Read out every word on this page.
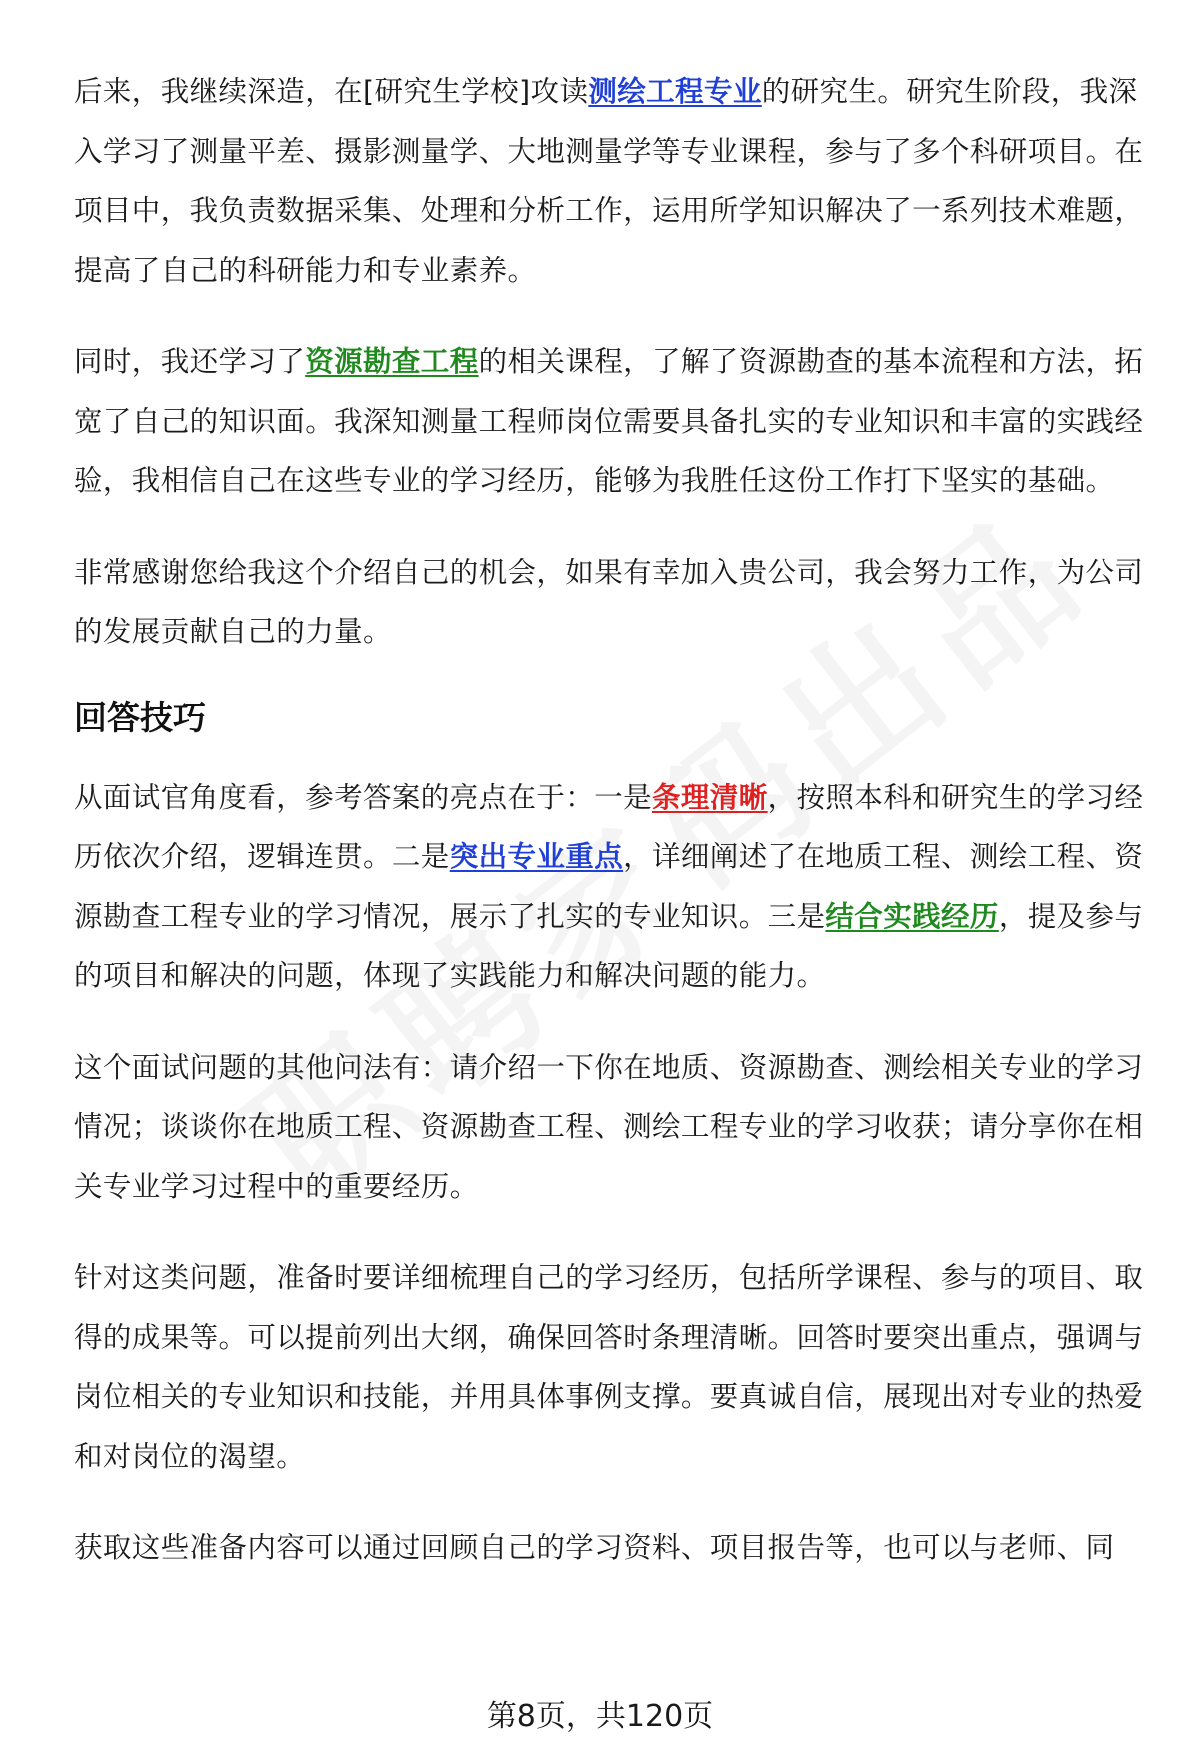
后来，我继续深造，在[研究生学校]攻读测绘工程专业的研究生。研究生阶段，我深入学习了测量平差、摄影测量学、大地测量学等专业课程，参与了多个科研项目。在项目中，我负责数据采集、处理和分析工作，运用所学知识解决了一系列技术难题，提高了自己的科研能力和专业素养。

同时，我还学习了资源勘查工程的相关课程，了解了资源勘查的基本流程和方法，拓宽了自己的知识面。我深知测量工程师岗位需要具备扎实的专业知识和丰富的实践经验，我相信自己在这些专业的学习经历，能够为我胜任这份工作打下坚实的基础。

非常感谢您给我这个介绍自己的机会，如果有幸加入贵公司，我会努力工作，为公司的发展贡献自己的力量。

回答技巧

从面试官角度看，参考答案的亮点在于：一是条理清晰，按照本科和研究生的学习经历依次介绍，逻辑连贯。二是突出专业重点，详细阐述了在地质工程、测绘工程、资源勘查工程专业的学习情况，展示了扎实的专业知识。三是结合实践经历，提及参与的项目和解决的问题，体现了实践能力和解决问题的能力。

这个面试问题的其他问法有：请介绍一下你在地质、资源勘查、测绘相关专业的学习情况；谈谈你在地质工程、资源勘查工程、测绘工程专业的学习收获；请分享你在相关专业学习过程中的重要经历。

针对这类问题，准备时要详细梳理自己的学习经历，包括所学课程、参与的项目、取得的成果等。可以提前列出大纲，确保回答时条理清晰。回答时要突出重点，强调与岗位相关的专业知识和技能，并用具体事例支撑。要真诚自信，展现出对专业的热爱和对岗位的渴望。

获取这些准备内容可以通过回顾自己的学习资料、项目报告等，也可以与老师、同

第8页，共120页
